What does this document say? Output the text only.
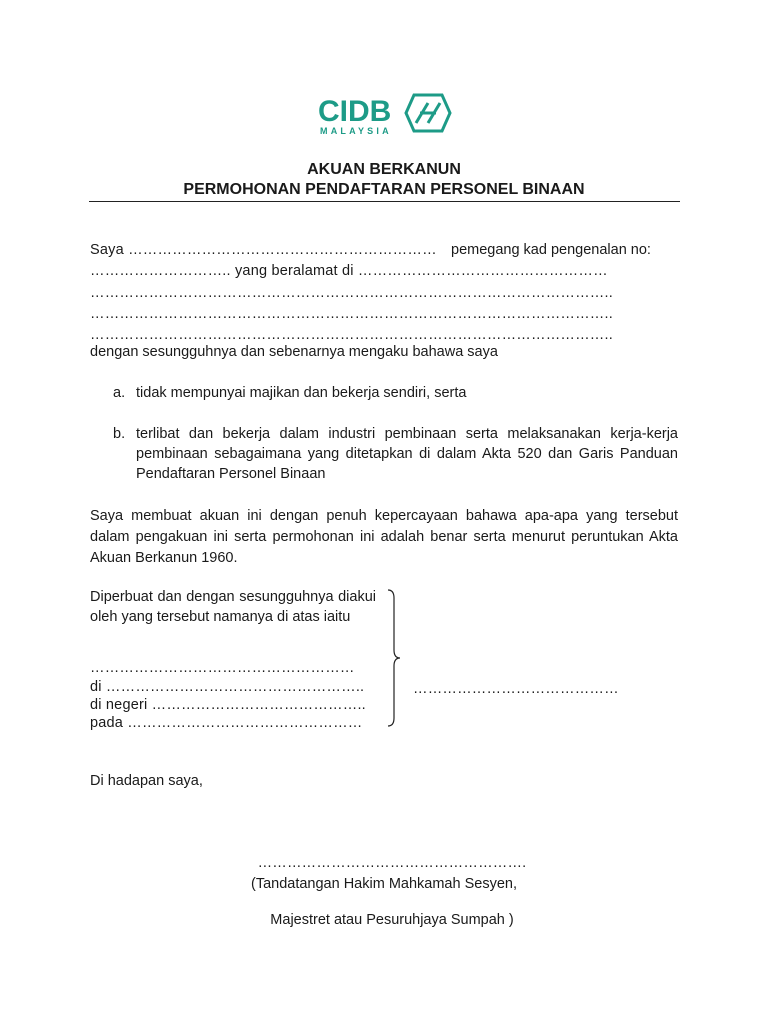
CIDB
MALAYSIA
AKUAN BERKANUN
PERMOHONAN PENDAFTARAN PERSONEL BINAAN
Saya ……………………………………………………… pemegang kad pengenalan no:
……………………….. yang beralamat di ……………………………………………
……………………………………………………………………………………………..
……………………………………………………………………………………………..
……………………………………………………………………………………………..
dengan sesungguhnya dan sebenarnya mengaku bahawa saya
a. tidak mempunyai majikan dan bekerja sendiri, serta
b. terlibat dan bekerja dalam industri pembinaan serta melaksanakan kerja-kerja pembinaan sebagaimana yang ditetapkan di dalam Akta 520 dan Garis Panduan Pendaftaran Personel Binaan
Saya membuat akuan ini dengan penuh kepercayaan bahawa apa-apa yang tersebut dalam pengakuan ini serta permohonan ini adalah benar serta menurut peruntukan Akta Akuan Berkanun 1960.
Diperbuat dan dengan sesungguhnya diakui oleh yang tersebut namanya di atas iaitu
………………………………………………
di ……………………………………………..
di negeri ……………………………………..
pada …………………………………………
……………………………………
Di hadapan saya,
……………………………………………….
(Tandatangan Hakim Mahkamah Sesyen,
Majestret atau Pesuruhjaya Sumpah )
